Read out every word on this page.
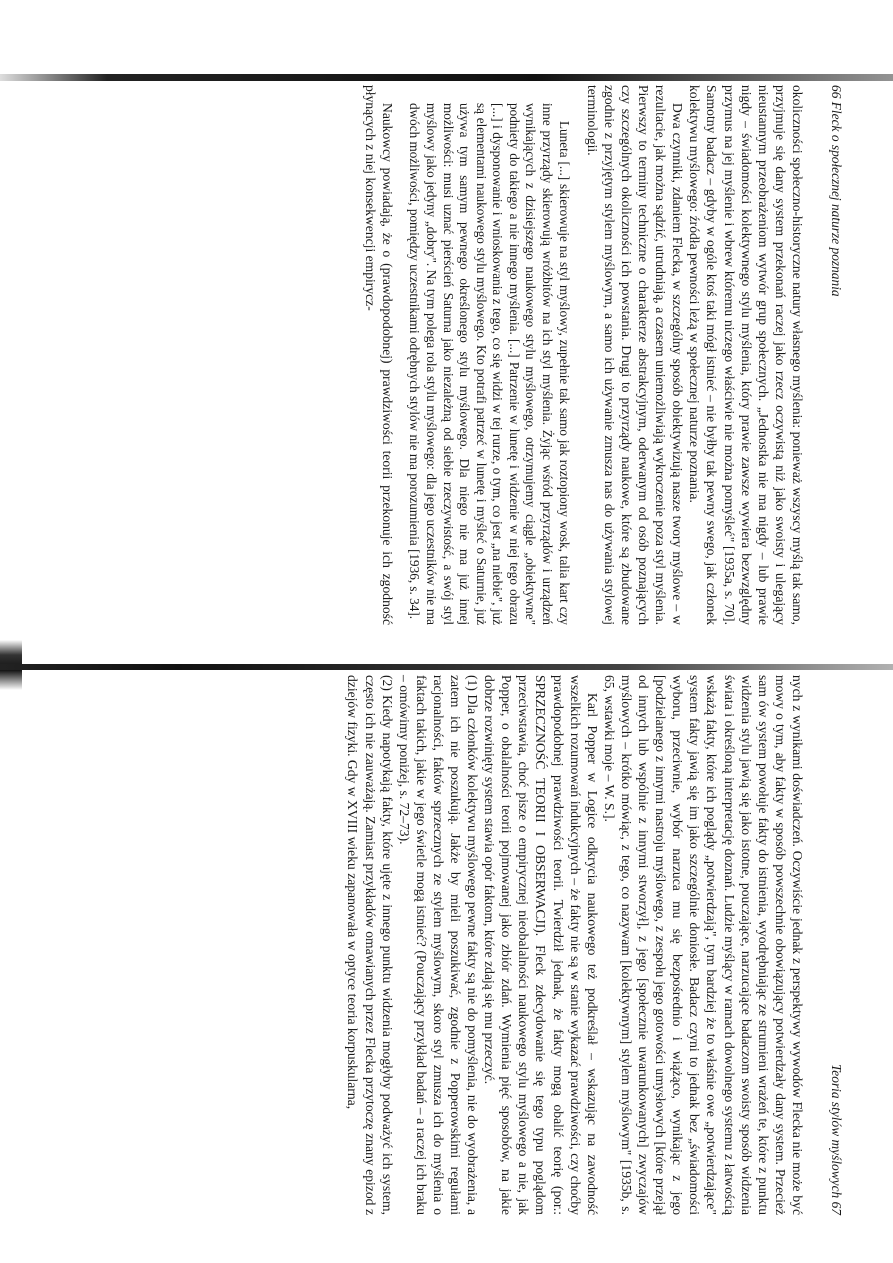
66 Fleck o społecznej naturze poznania

okoliczności społeczno-historyczne natury własnego myślenia: ponieważ wszyscy myślą tak samo, przyjmuje się dany system przekonań raczej jako rzecz oczywistą niż jako swoisty i ulegający nieustannym przeobrażeniom wytwór grup społecznych. „Jednostka nie ma nigdy – lub prawie nigdy – świadomości kolektywnego stylu myślenia, który prawie zawsze wywiera bezwzględny przymus na jej myślenie i wbrew któremu niczego właściwie nie można pomyśleć" [1935a, s. 70]. Samotny badacz – gdyby w ogóle ktoś taki mógł istnieć – nie byłby tak pewny swego, jak członek kolektywu myślowego: źródła pewności leżą w społecznej naturze poznania.

Dwa czynniki, zdaniem Flecka, w szczególny sposób obiektywizują nasze twory myślowe – w rezultacie, jak można sądzić, utrudniają, a czasem uniemożliwiają wykroczenie poza styl myślenia. Pierwszy to terminy techniczne o charakterze abstrakcyjnym, oderwanym od osób poznających czy szczególnych okoliczności ich powstania. Drugi to przyrządy naukowe, które są zbudowane zgodnie z przyjętym stylem myślowym, a samo ich używanie zmusza nas do używania stylowej terminologii.

Luneta [...] skierowuje na styl myślowy, zupełnie tak samo jak roztopiony wosk, talia kart czy inne przyrządy skierowują wróżbitów na ich styl myślenia. Żyjąc wśród przyrządów i urządzeń wynikających z dzisiejszego naukowego stylu myślowego, otrzymujemy ciągle „obiektywne" podniety do takiego a nie innego myślenia. [...] Patrzenie w lunetę i widzenie w niej tego obrazu [...] i dysponowanie i wnioskowania z tego, co się widzi w tej rurze, o tym, co jest „na niebie", już są elementami naukowego stylu myślowego. Kto potrafi patrzeć w lunetę i myśleć o Saturnie, już używa tym samym pewnego określonego stylu myślowego. Dla niego nie ma już innej możliwości: musi uznać pierścień Saturna jako niezależną od siebie rzeczywistość, a swój styl myślowy jako jedyny „dobry". Na tym polega rola stylu myślowego: dla jego uczestników nie ma dwóch możliwości, pomiędzy uczestnikami odrębnych stylów nie ma porozumienia [1936, s. 34].

Naukowcy powiadają, że o (prawdopodobnej) prawdziwości teorii przekonuje ich zgodność płynących z niej konsekwencji empirycz-

Teoria stylów myślowych 67

nych z wynikami doświadczeń. Oczywiście jednak z perspektywy wywodów Flecka nie może być mowy o tym, aby fakty w sposób powszechnie obowiązujący potwierdzały dany system. Przecież sam ów system powołuje fakty do istnienia, wyodrębniając ze strumieni wrażeń te, które z punktu widzenia stylu jawią się jako istotne, pouczające, narzucające badaczom swoisty sposób widzenia świata i określoną interpretację doznań. Ludzie myślący w ramach dowolnego systemu z łatwością wskażą fakty, które ich poglądy „potwierdzają", tym bardziej że to właśnie owe „potwierdzające" system fakty jawią się im jako szczególnie doniosłe. Badacz czyni to jednak bez „świadomości wyboru, przeciwnie, wybór narzuca mu się bezpośrednio i wiążąco, wynikając z jego [podzielanego z innymi nastroju myślowego, z zespołu jego gotowości umysłowych [które przejął od innych lub wspólnie z innymi stworzył], z jego [społecznie uwarunkowanych] zwyczajów myślowych – krótko mówiąc, z tego, co nazywam [kolektywnym] stylem myślowym" [1935b, s. 65, wstawki moje – W. S.].

Karl Popper w Logice odkrycia naukowego też podkreślał – wskazując na zawodność wszelkich rozumowań indukcyjnych – że fakty nie są w stanie wykazać prawdziwości, czy choćby prawdopodobnej prawdziwości teorii. Twierdził jednak, że fakty mogą obalić teorię (por.: SPRZECZNOŚĆ TEORII I OBSERWACJI). Fleck zdecydowanie się tego typu poglądom przeciwstawia, choć pisze o empirycznej nieobalalności naukowego stylu myślowego a nie, jak Popper, o obalalności teorii pojmowanej jako zbiór zdań. Wymienia pięć sposobów, na jakie dobrze rozwinięty system stawia opór faktom, które zdają się mu przeczyć.

(1) Dla członków kolektywu myślowego pewne fakty są nie do pomyślenia, nie do wyobrażenia, a zatem ich nie poszukują. Jakże by mieli poszukiwać, zgodnie z Popperowskimi regułami racjonalności, faktów sprzecznych ze stylem myślowym, skoro styl zmusza ich do myślenia o faktach takich, jakie w jego świetle mogą istnieć? (Pouczający przykład badań – a raczej ich braku – omówimy poniżej, s. 72–73).

(2) Kiedy napotykają fakty, które ujęte z innego punktu widzenia mogłyby podważyć ich system, często ich nie zauważają. Zamiast przykładów omawianych przez Flecka przytoczę znany epizod z dziejów fizyki. Gdy w XVIII wieku zapanowała w optyce teoria korpuskularna,
